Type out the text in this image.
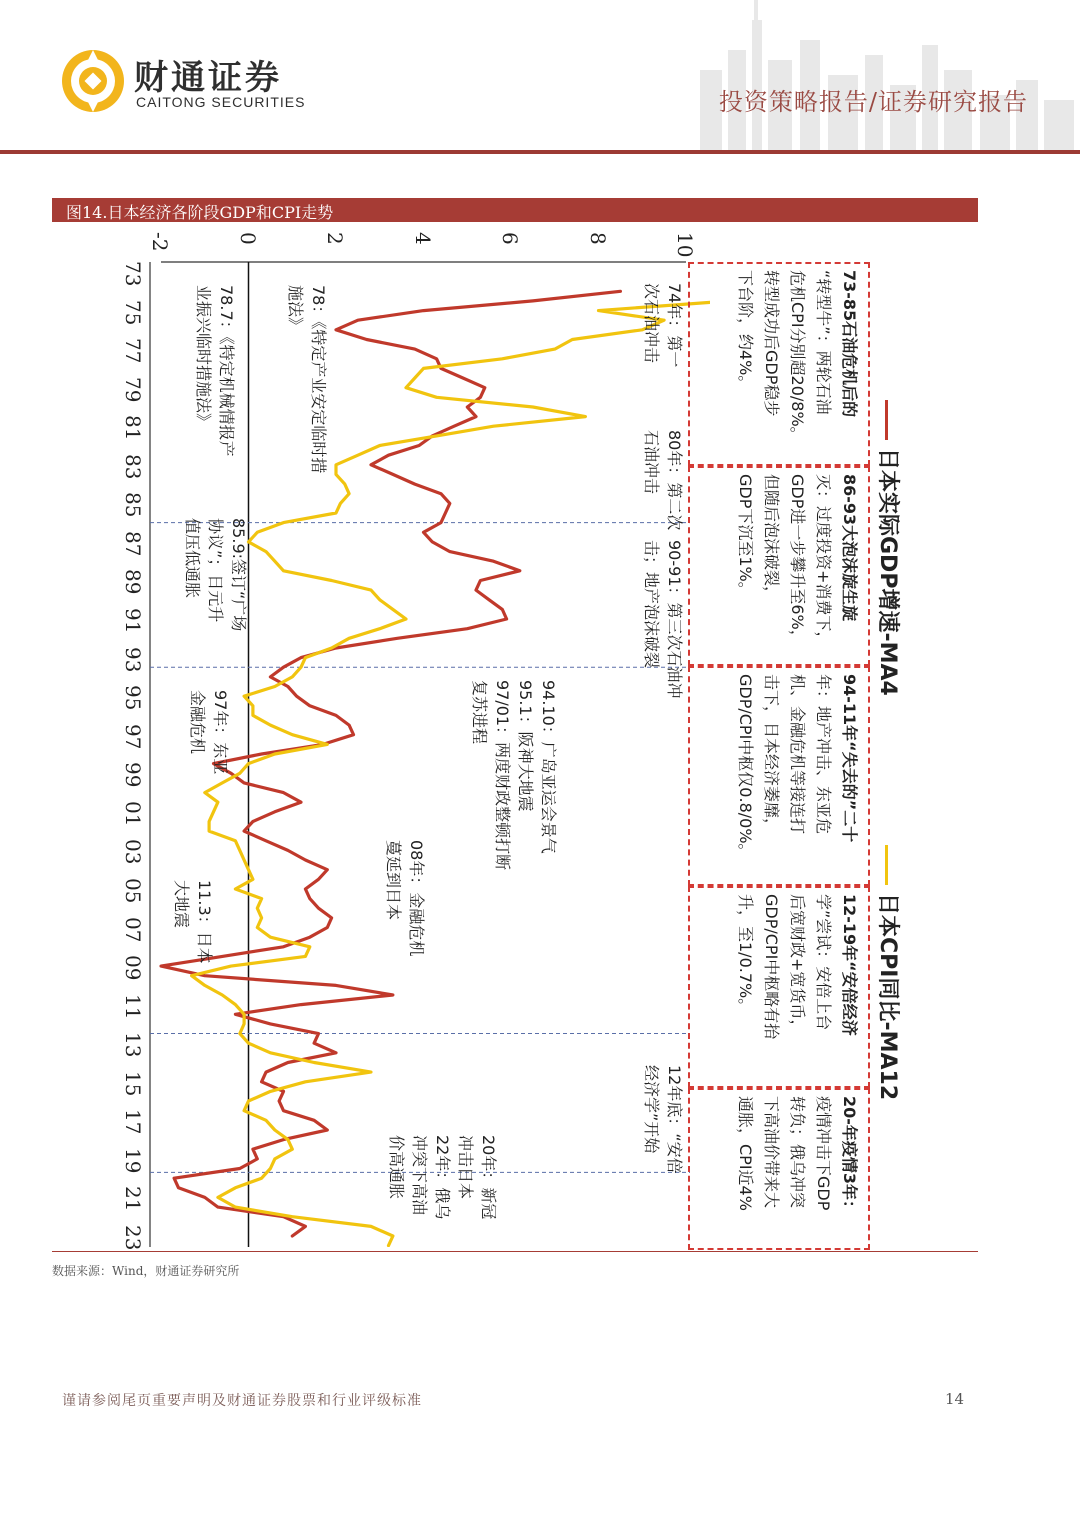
财通证券
CAITONG SECURITIES	投资策略报告/证券研究报告
图14.日本经济各阶段GDP和CPI走势
-2	0	2	4	6	8	10
73
75
77
79
81
83
85
87
89
91
93
95
97
99
01
03
05
07
09
11
13
15
17
19
21
23
日本实际GDP增速-MA4
日本CPI同比-MA12
74年：第一
次石油冲击
80年：第二次
石油冲击
90-91：第三次石油冲
击；地产泡沫破裂
78.7：《特定机械情报产
业振兴临时措施法》	78：《特定产业安定临时措
施法》
85.9:签订“广场
协议”；日元升
值压低通胀
94.10：广岛亚运会景气
95.1：阪神大地震
97/01：两度财政整顿打断
复苏进程
97年：东亚
金融危机
08年：金融危机
蔓延到日本
11.3：日本
大地震
12年底：“安倍
经济学”开始
20年：新冠
冲击日本
22年：俄乌
冲突下高油
价高通胀
73-85石油危机后的
“转型牛”：两轮石油
危机CPI分别超20/8%。
转型成功后GDP稳步
下台阶，约4%。
86-93大泡沫旋生旋
灭：过度投资+消费下，
GDP进一步攀升至6%，
但随后泡沫破裂，
GDP下沉至1%。
94-11年“失去的”二十
年：地产冲击、东亚危
机、金融危机等接连打
击下，日本经济萎靡，
GDP/CPI中枢仅0.8/0%。
12-19年“安倍经济
学”尝试：安倍上台
后宽财政+宽货币，
GDP/CPI中枢略有抬
升，至1/0.7%。
20-年疫情3年：
疫情冲击下GDP
转负；俄乌冲突
下高油价带来大
通胀，CPI近4%
数据来源：Wind，财通证券研究所
谨请参阅尾页重要声明及财通证券股票和行业评级标准	14
